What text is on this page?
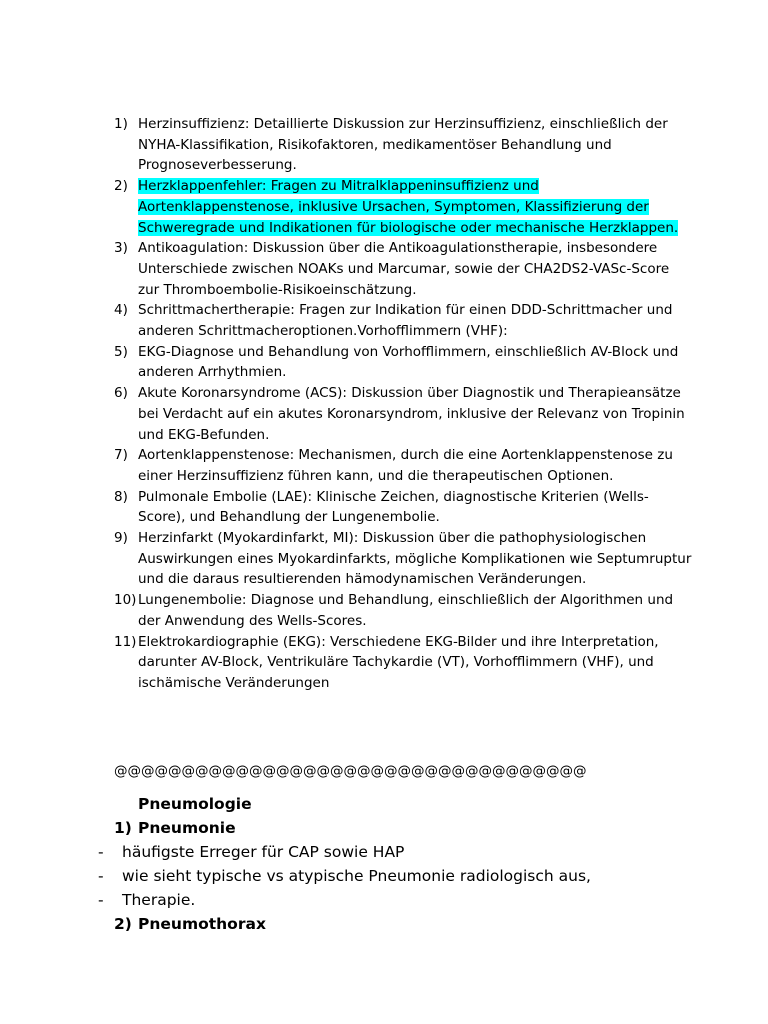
1) Herzinsuffizienz: Detaillierte Diskussion zur Herzinsuffizienz, einschließlich der NYHA-Klassifikation, Risikofaktoren, medikamentöser Behandlung und Prognoseverbesserung.
2) Herzklappenfehler: Fragen zu Mitralklappeninsuffizienz und Aortenklappenstenose, inklusive Ursachen, Symptomen, Klassifizierung der Schweregrade und Indikationen für biologische oder mechanische Herzklappen.
3) Antikoagulation: Diskussion über die Antikoagulationstherapie, insbesondere Unterschiede zwischen NOAKs und Marcumar, sowie der CHA2DS2-VASc-Score zur Thromboembolie-Risikoeinschätzung.
4) Schrittmachertherapie: Fragen zur Indikation für einen DDD-Schrittmacher und anderen Schrittmacheroptionen.Vorhofflimmern (VHF):
5) EKG-Diagnose und Behandlung von Vorhofflimmern, einschließlich AV-Block und anderen Arrhythmien.
6) Akute Koronarsyndrome (ACS): Diskussion über Diagnostik und Therapieansätze bei Verdacht auf ein akutes Koronarsyndrom, inklusive der Relevanz von Tropinin und EKG-Befunden.
7) Aortenklappenstenose: Mechanismen, durch die eine Aortenklappenstenose zu einer Herzinsuffizienz führen kann, und die therapeutischen Optionen.
8) Pulmonale Embolie (LAE): Klinische Zeichen, diagnostische Kriterien (Wells-Score), und Behandlung der Lungenembolie.
9) Herzinfarkt (Myokardinfarkt, MI): Diskussion über die pathophysiologischen Auswirkungen eines Myokardinfarkts, mögliche Komplikationen wie Septumruptur und die daraus resultierenden hämodynamischen Veränderungen.
10) Lungenembolie: Diagnose und Behandlung, einschließlich der Algorithmen und der Anwendung des Wells-Scores.
11) Elektrokardiographie (EKG): Verschiedene EKG-Bilder und ihre Interpretation, darunter AV-Block, Ventrikuläre Tachykardie (VT), Vorhofflimmern (VHF), und ischämische Veränderungen
@@@@@@@@@@@@@@@@@@@@@@@@@@@@@@@@@@@
Pneumologie
1) Pneumonie
- häufigste Erreger für CAP sowie HAP
- wie sieht typische vs atypische Pneumonie radiologisch aus,
- Therapie.
2) Pneumothorax
